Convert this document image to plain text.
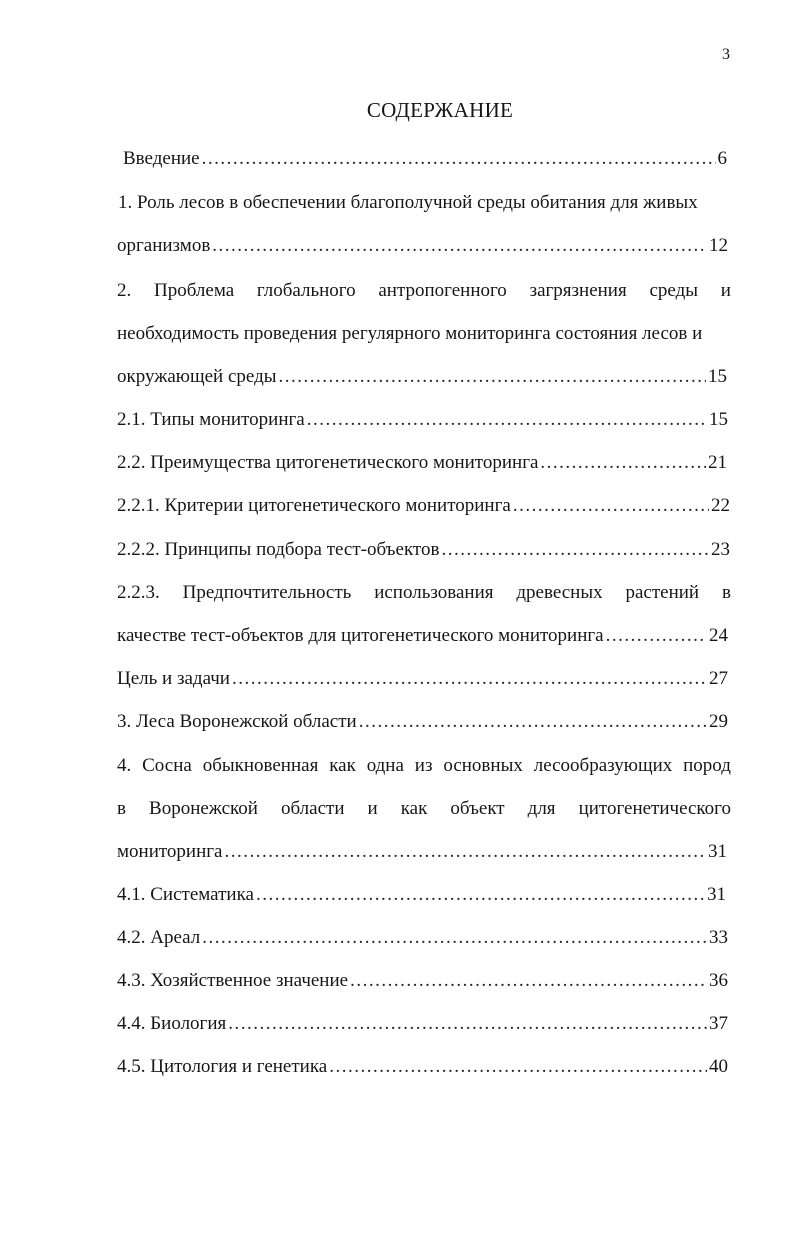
3
СОДЕРЖАНИЕ
Введение .....	6
1. Роль лесов в обеспечении благополучной среды обитания для живых
организмов .....	12
2. Проблема глобального антропогенного загрязнения среды и
необходимость проведения регулярного мониторинга состояния лесов и
окружающей среды .....	15
2.1. Типы мониторинга .....	15
2.2. Преимущества цитогенетического мониторинга .....	21
2.2.1. Критерии цитогенетического мониторинга .....	22
2.2.2. Принципы подбора тест-объектов .....	23
2.2.3. Предпочтительность использования древесных растений в
качестве тест-объектов для цитогенетического мониторинга .....	24
Цель и задачи .....	27
3. Леса Воронежской области .....	29
4. Сосна обыкновенная как одна из основных лесообразующих пород
в Воронежской области и как объект для цитогенетического
мониторинга .....	31
4.1. Систематика .....	31
4.2. Ареал .....	33
4.3. Хозяйственное значение .....	36
4.4. Биология .....	37
4.5. Цитология и генетика .....	40
